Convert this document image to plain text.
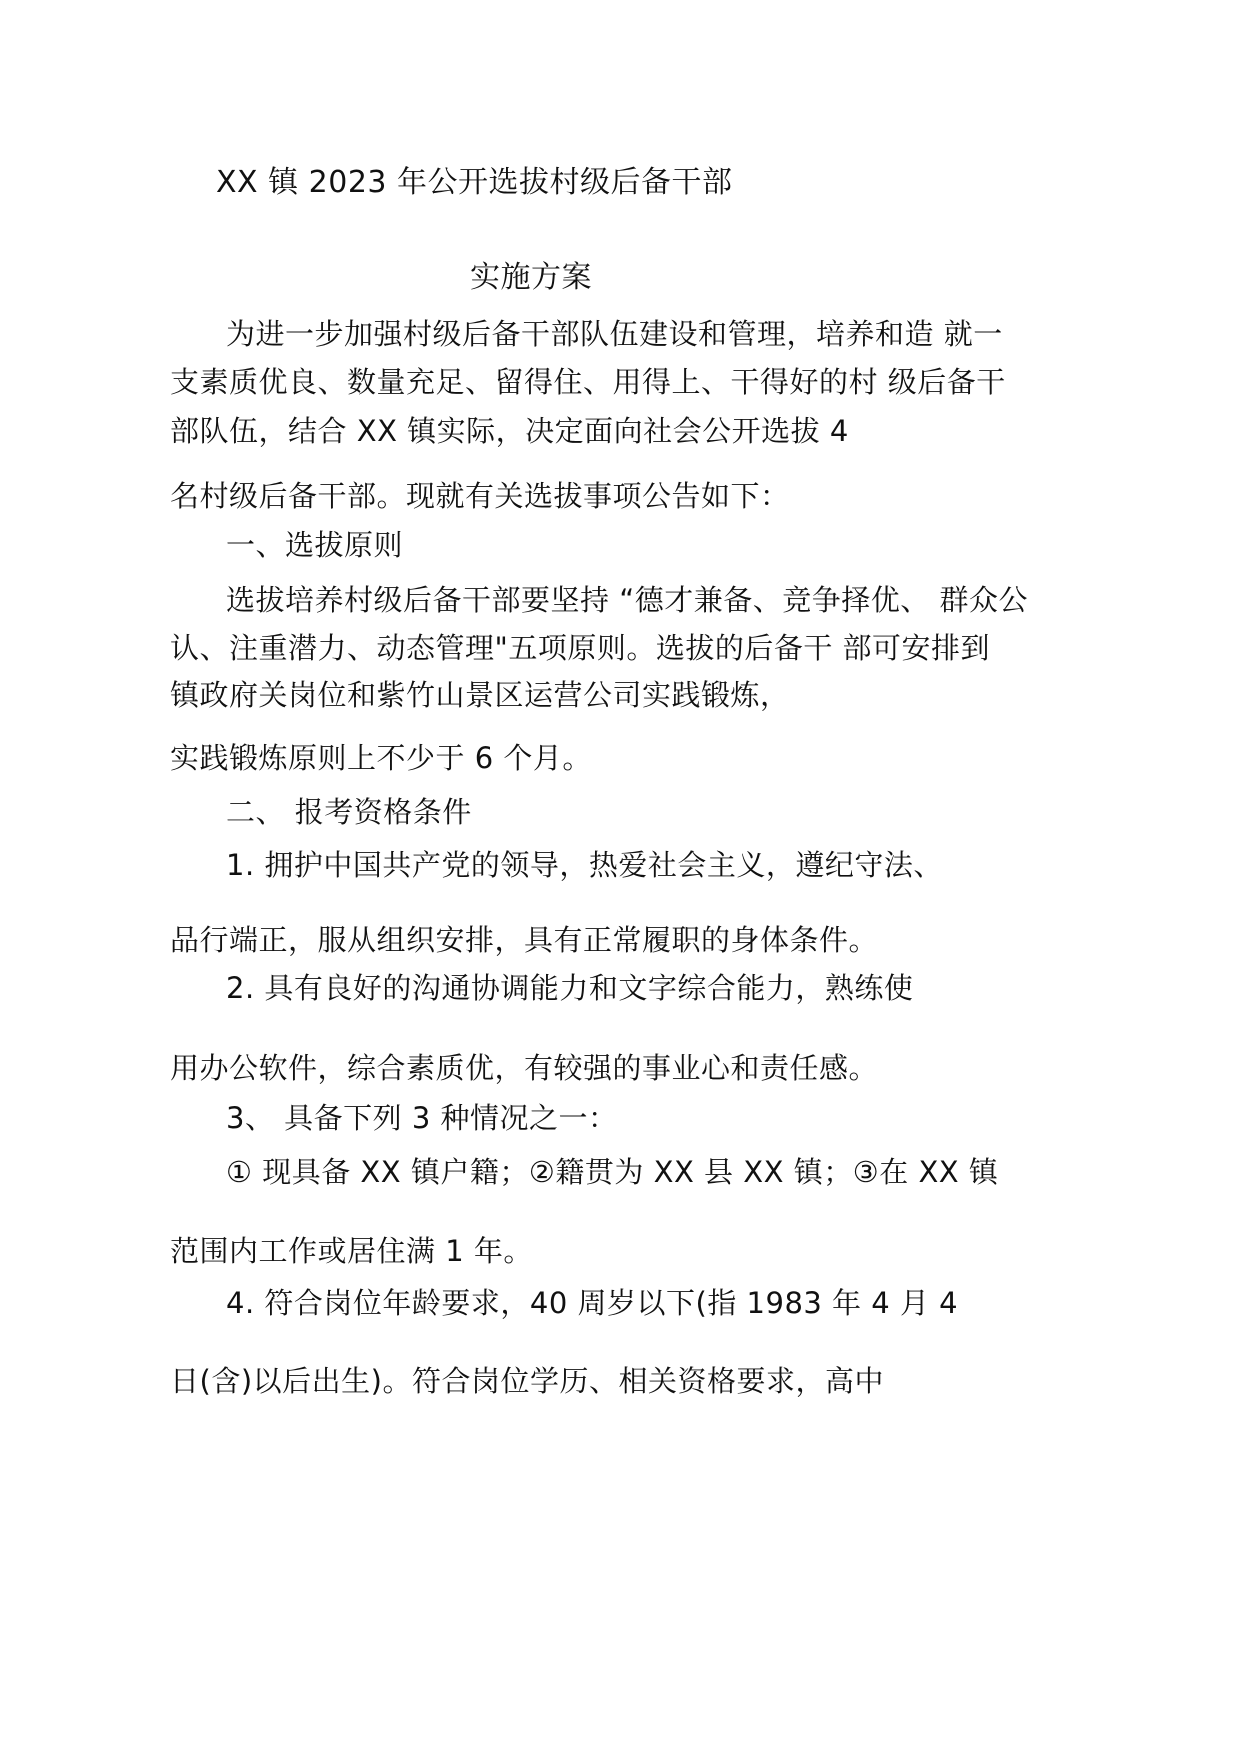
XX 镇 2023 年公开选拔村级后备干部
实施方案
为进一步加强村级后备干部队伍建设和管理，培养和造 就一
支素质优良、数量充足、留得住、用得上、干得好的村 级后备干
部队伍，结合 XX 镇实际，决定面向社会公开选拔 4
名村级后备干部。现就有关选拔事项公告如下：
一、选拔原则
选拔培养村级后备干部要坚持 “德才兼备、竞争择优、 群众公
认、注重潜力、动态管理"五项原则。选拔的后备干 部可安排到
镇政府关岗位和紫竹山景区运营公司实践锻炼，
实践锻炼原则上不少于 6 个月。
二、 报考资格条件
1. 拥护中国共产党的领导，热爱社会主义，遵纪守法、
品行端正，服从组织安排，具有正常履职的身体条件。
2. 具有良好的沟通协调能力和文字综合能力，熟练使
用办公软件，综合素质优，有较强的事业心和责任感。
3、 具备下列 3 种情况之一：
① 现具备 XX 镇户籍；②籍贯为 XX 县 XX 镇；③在 XX 镇
范围内工作或居住满 1 年。
4. 符合岗位年龄要求，40 周岁以下(指 1983 年 4 月 4
日(含)以后出生)。符合岗位学历、相关资格要求，高中
